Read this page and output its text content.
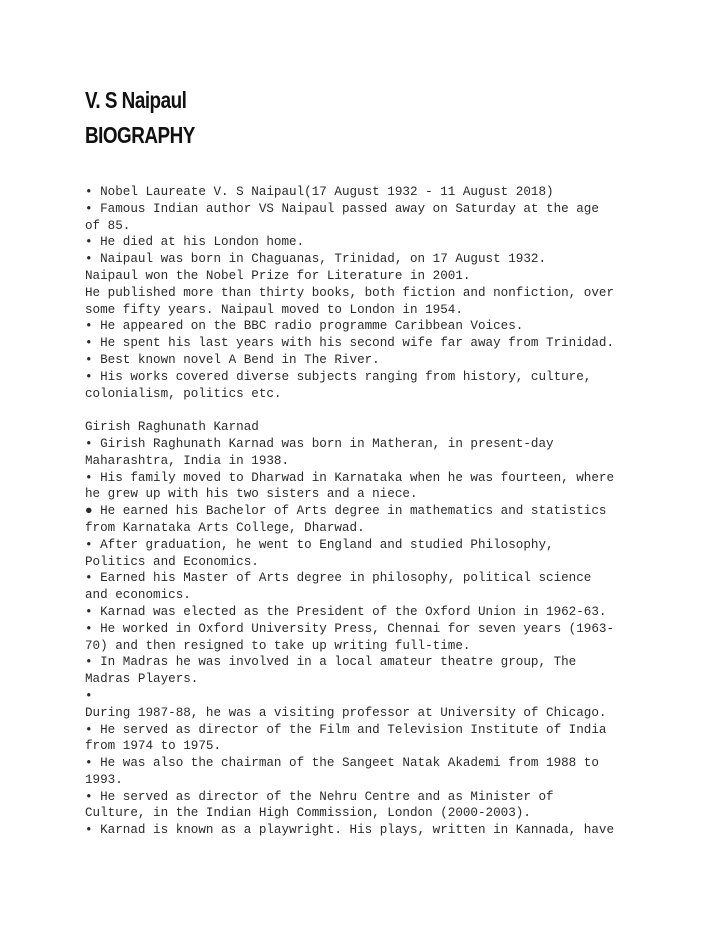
V. S Naipaul
BIOGRAPHY
• Nobel Laureate V. S Naipaul(17 August 1932 - 11 August 2018)
• Famous Indian author VS Naipaul passed away on Saturday at the age
of 85.
• He died at his London home.
• Naipaul was born in Chaguanas, Trinidad, on 17 August 1932.
Naipaul won the Nobel Prize for Literature in 2001.
He published more than thirty books, both fiction and nonfiction, over
some fifty years. Naipaul moved to London in 1954.
• He appeared on the BBC radio programme Caribbean Voices.
• He spent his last years with his second wife far away from Trinidad.
• Best known novel A Bend in The River.
• His works covered diverse subjects ranging from history, culture,
colonialism, politics etc.
Girish Raghunath Karnad
• Girish Raghunath Karnad was born in Matheran, in present-day
Maharashtra, India in 1938.
• His family moved to Dharwad in Karnataka when he was fourteen, where
he grew up with his two sisters and a niece.
● He earned his Bachelor of Arts degree in mathematics and statistics
from Karnataka Arts College, Dharwad.
• After graduation, he went to England and studied Philosophy,
Politics and Economics.
• Earned his Master of Arts degree in philosophy, political science
and economics.
• Karnad was elected as the President of the Oxford Union in 1962-63.
• He worked in Oxford University Press, Chennai for seven years (1963-
70) and then resigned to take up writing full-time.
• In Madras he was involved in a local amateur theatre group, The
Madras Players.
•
During 1987-88, he was a visiting professor at University of Chicago.
• He served as director of the Film and Television Institute of India
from 1974 to 1975.
• He was also the chairman of the Sangeet Natak Akademi from 1988 to
1993.
• He served as director of the Nehru Centre and as Minister of
Culture, in the Indian High Commission, London (2000-2003).
• Karnad is known as a playwright. His plays, written in Kannada, have
